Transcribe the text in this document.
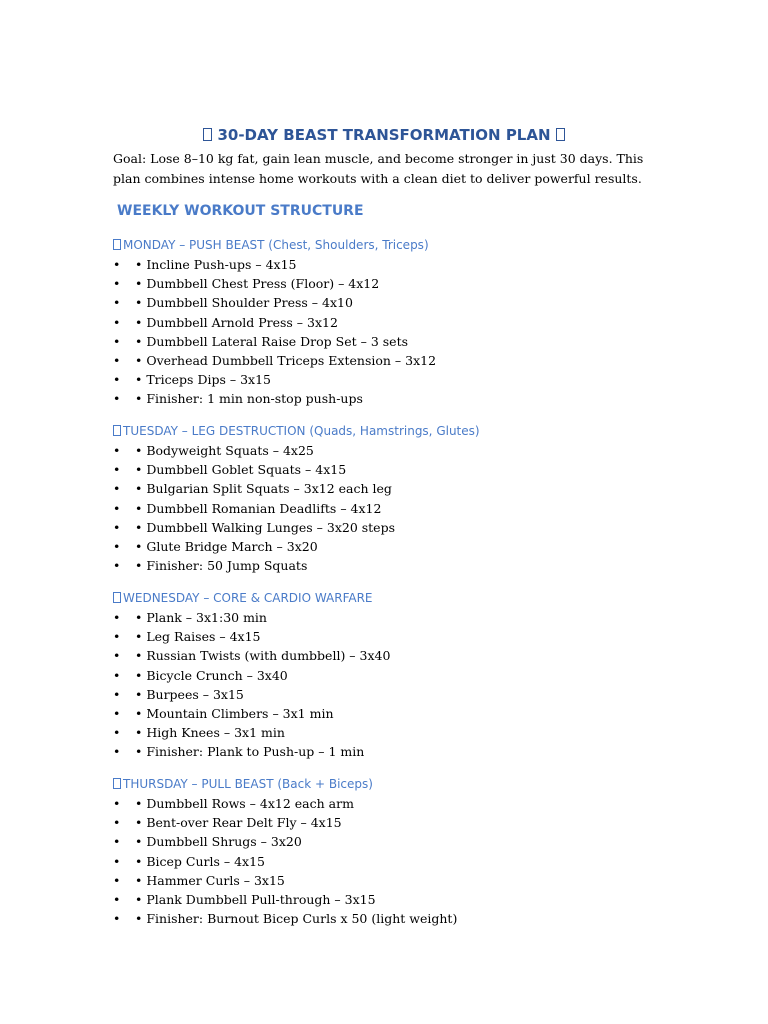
30-DAY BEAST TRANSFORMATION PLAN

Goal: Lose 8–10 kg fat, gain lean muscle, and become stronger in just 30 days. This plan combines intense home workouts with a clean diet to deliver powerful results.

WEEKLY WORKOUT STRUCTURE
MONDAY – PUSH BEAST (Chest, Shoulders, Triceps)
• • Incline Push-ups – 4x15
• • Dumbbell Chest Press (Floor) – 4x12
• • Dumbbell Shoulder Press – 4x10
• • Dumbbell Arnold Press – 3x12
• • Dumbbell Lateral Raise Drop Set – 3 sets
• • Overhead Dumbbell Triceps Extension – 3x12
• • Triceps Dips – 3x15
• • Finisher: 1 min non-stop push-ups
TUESDAY – LEG DESTRUCTION (Quads, Hamstrings, Glutes)
• • Bodyweight Squats – 4x25
• • Dumbbell Goblet Squats – 4x15
• • Bulgarian Split Squats – 3x12 each leg
• • Dumbbell Romanian Deadlifts – 4x12
• • Dumbbell Walking Lunges – 3x20 steps
• • Glute Bridge March – 3x20
• • Finisher: 50 Jump Squats
WEDNESDAY – CORE & CARDIO WARFARE
• • Plank – 3x1:30 min
• • Leg Raises – 4x15
• • Russian Twists (with dumbbell) – 3x40
• • Bicycle Crunch – 3x40
• • Burpees – 3x15
• • Mountain Climbers – 3x1 min
• • High Knees – 3x1 min
• • Finisher: Plank to Push-up – 1 min
THURSDAY – PULL BEAST (Back + Biceps)
• • Dumbbell Rows – 4x12 each arm
• • Bent-over Rear Delt Fly – 4x15
• • Dumbbell Shrugs – 3x20
• • Bicep Curls – 4x15
• • Hammer Curls – 3x15
• • Plank Dumbbell Pull-through – 3x15
• • Finisher: Burnout Bicep Curls x 50 (light weight)
